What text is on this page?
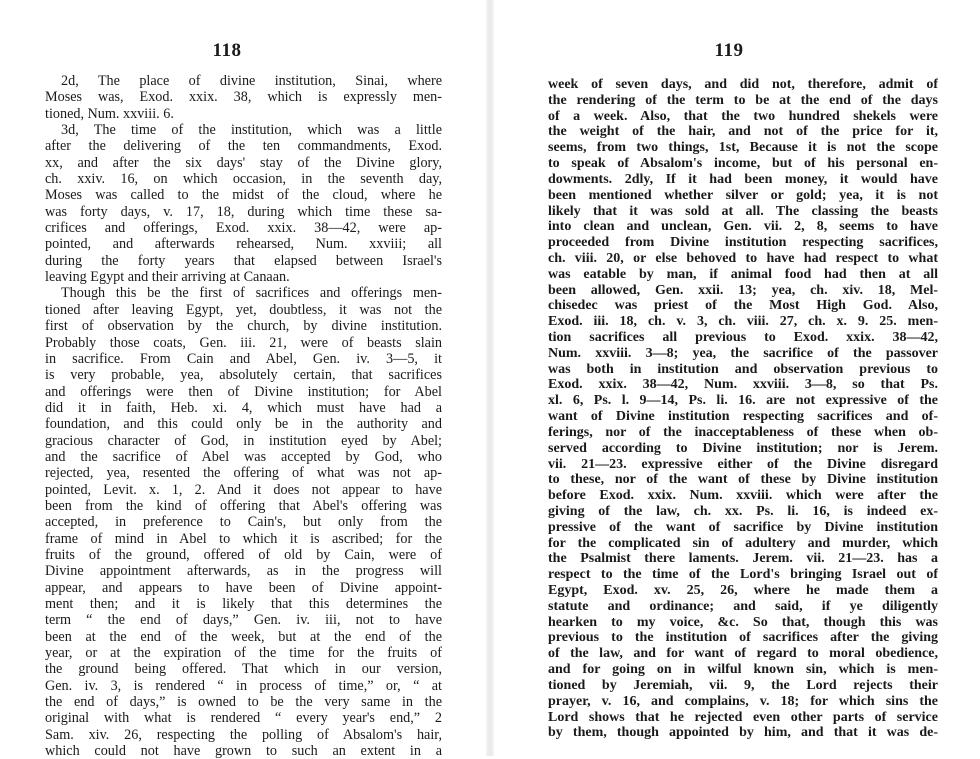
118
2d, The place of divine institution, Sinai, where
Moses was, Exod. xxix. 38, which is expressly men-
tioned, Num. xxviii. 6.
3d, The time of the institution, which was a little
after the delivering of the ten commandments, Exod.
xx, and after the six days' stay of the Divine glory,
ch. xxiv. 16, on which occasion, in the seventh day,
Moses was called to the midst of the cloud, where he
was forty days, v. 17, 18, during which time these sa-
crifices and offerings, Exod. xxix. 38—42, were ap-
pointed, and afterwards rehearsed, Num. xxviii; all
during the forty years that elapsed between Israel's
leaving Egypt and their arriving at Canaan.
Though this be the first of sacrifices and offerings men-
tioned after leaving Egypt, yet, doubtless, it was not the
first of observation by the church, by divine institution.
Probably those coats, Gen. iii. 21, were of beasts slain
in sacrifice. From Cain and Abel, Gen. iv. 3—5, it
is very probable, yea, absolutely certain, that sacrifices
and offerings were then of Divine institution; for Abel
did it in faith, Heb. xi. 4, which must have had a
foundation, and this could only be in the authority and
gracious character of God, in institution eyed by Abel;
and the sacrifice of Abel was accepted by God, who
rejected, yea, resented the offering of what was not ap-
pointed, Levit. x. 1, 2. And it does not appear to have
been from the kind of offering that Abel's offering was
accepted, in preference to Cain's, but only from the
frame of mind in Abel to which it is ascribed; for the
fruits of the ground, offered of old by Cain, were of
Divine appointment afterwards, as in the progress will
appear, and appears to have been of Divine appoint-
ment then; and it is likely that this determines the
term “ the end of days,” Gen. iv. iii, not to have
been at the end of the week, but at the end of the
year, or at the expiration of the time for the fruits of
the ground being offered. That which in our version,
Gen. iv. 3, is rendered “ in process of time,” or, “ at
the end of days,” is owned to be the very same in the
original with what is rendered “ every year's end,” 2
Sam. xiv. 26, respecting the polling of Absalom's hair,
which could not have grown to such an extent in a
119
week of seven days, and did not, therefore, admit of
the rendering of the term to be at the end of the days
of a week. Also, that the two hundred shekels were
the weight of the hair, and not of the price for it,
seems, from two things, 1st, Because it is not the scope
to speak of Absalom's income, but of his personal en-
dowments. 2dly, If it had been money, it would have
been mentioned whether silver or gold; yea, it is not
likely that it was sold at all. The classing the beasts
into clean and unclean, Gen. vii. 2, 8, seems to have
proceeded from Divine institution respecting sacrifices,
ch. viii. 20, or else behoved to have had respect to what
was eatable by man, if animal food had then at all
been allowed, Gen. xxii. 13; yea, ch. xiv. 18, Mel-
chisedec was priest of the Most High God. Also,
Exod. iii. 18, ch. v. 3, ch. viii. 27, ch. x. 9. 25. men-
tion sacrifices all previous to Exod. xxix. 38—42,
Num. xxviii. 3—8; yea, the sacrifice of the passover
was both in institution and observation previous to
Exod. xxix. 38—42, Num. xxviii. 3—8, so that Ps.
xl. 6, Ps. l. 9—14, Ps. li. 16. are not expressive of the
want of Divine institution respecting sacrifices and of-
ferings, nor of the inacceptableness of these when ob-
served according to Divine institution; nor is Jerem.
vii. 21—23. expressive either of the Divine disregard
to these, nor of the want of these by Divine institution
before Exod. xxix. Num. xxviii. which were after the
giving of the law, ch. xx. Ps. li. 16, is indeed ex-
pressive of the want of sacrifice by Divine institution
for the complicated sin of adultery and murder, which
the Psalmist there laments. Jerem. vii. 21—23. has a
respect to the time of the Lord's bringing Israel out of
Egypt, Exod. xv. 25, 26, where he made them a
statute and ordinance; and said, if ye diligently
hearken to my voice, &c. So that, though this was
previous to the institution of sacrifices after the giving
of the law, and for want of regard to moral obedience,
and for going on in wilful known sin, which is men-
tioned by Jeremiah, vii. 9, the Lord rejects their
prayer, v. 16, and complains, v. 18; for which sins the
Lord shows that he rejected even other parts of service
by them, though appointed by him, and that it was de-
